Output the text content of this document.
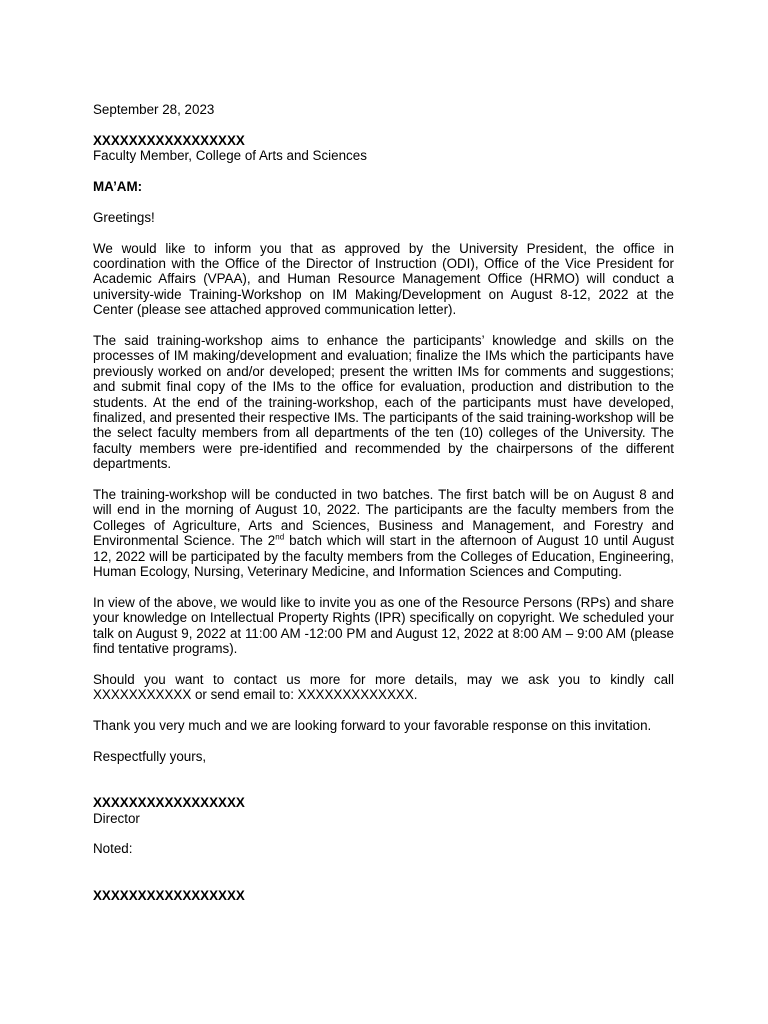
September 28, 2023

XXXXXXXXXXXXXXXXX

Faculty Member, College of Arts and Sciences

MA’AM:

Greetings!

We would like to inform you that as approved by the University President, the office in coordination with the Office of the Director of Instruction (ODI), Office of the Vice President for Academic Affairs (VPAA), and Human Resource Management Office (HRMO) will conduct a university-wide Training-Workshop on IM Making/Development on August 8-12, 2022 at the Center (please see attached approved communication letter).

The said training-workshop aims to enhance the participants’ knowledge and skills on the processes of IM making/development and evaluation; finalize the IMs which the participants have previously worked on and/or developed; present the written IMs for comments and suggestions; and submit final copy of the IMs to the office for evaluation, production and distribution to the students. At the end of the training-workshop, each of the participants must have developed, finalized, and presented their respective IMs. The participants of the said training-workshop will be the select faculty members from all departments of the ten (10) colleges of the University. The faculty members were pre-identified and recommended by the chairpersons of the different departments.

The training-workshop will be conducted in two batches. The first batch will be on August 8 and will end in the morning of August 10, 2022. The participants are the faculty members from the Colleges of Agriculture, Arts and Sciences, Business and Management, and Forestry and Environmental Science. The 2nd batch which will start in the afternoon of August 10 until August 12, 2022 will be participated by the faculty members from the Colleges of Education, Engineering, Human Ecology, Nursing, Veterinary Medicine, and Information Sciences and Computing.

In view of the above, we would like to invite you as one of the Resource Persons (RPs) and share your knowledge on Intellectual Property Rights (IPR) specifically on copyright. We scheduled your talk on August 9, 2022 at 11:00 AM -12:00 PM and August 12, 2022 at 8:00 AM – 9:00 AM (please find tentative programs).

Should you want to contact us more for more details, may we ask you to kindly call XXXXXXXXXXX or send email to: XXXXXXXXXXXXX.

Thank you very much and we are looking forward to your favorable response on this invitation.

Respectfully yours,

XXXXXXXXXXXXXXXXX

Director

Noted:

XXXXXXXXXXXXXXXXX
